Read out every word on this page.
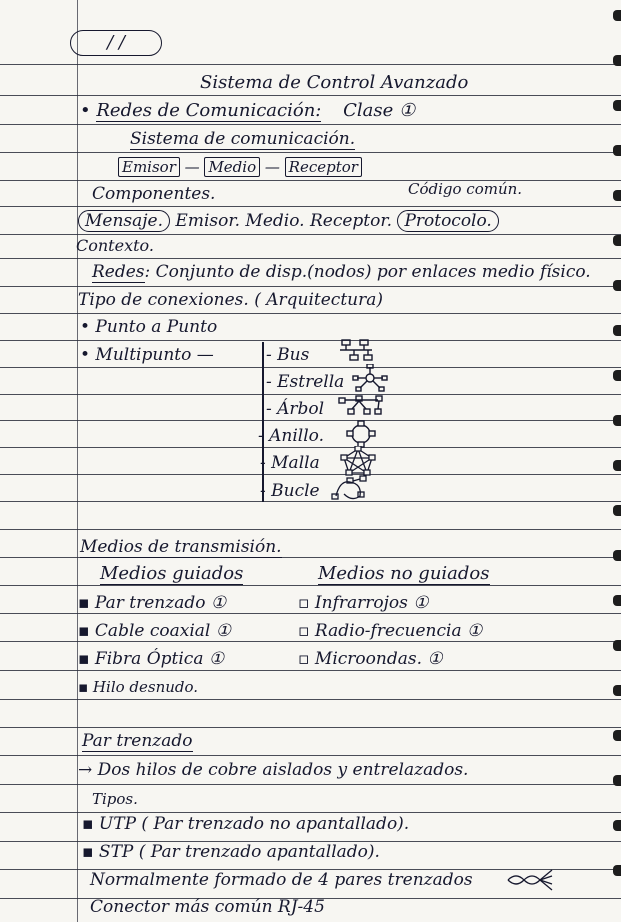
/ /
Sistema de Control Avanzado
• Redes de Comunicación: Clase ①
Sistema de comunicación.
Emisor — Medio — Receptor
Código común.
Componentes.
Mensaje. Emisor. Medio. Receptor. Protocolo.
Contexto.
Redes: Conjunto de disp.(nodos) por enlaces medio físico.
Tipo de conexiones. ( Arquitectura)
• Punto a Punto
• Multipunto —	- Bus
- Estrella
- Árbol
- Anillo.
- Malla
- Bucle
Medios de transmisión.
Medios guiados	Medios no guiados
▪ Par trenzado ①
▪ Cable coaxial ①
▪ Fibra Óptica ①
▪ Hilo desnudo.
▫ Infrarrojos ①
▫ Radio-frecuencia ①
▫ Microondas. ①
Par trenzado
→ Dos hilos de cobre aislados y entrelazados.
Tipos.
▪ UTP ( Par trenzado no apantallado).
▪ STP ( Par trenzado apantallado).
Normalmente formado de 4 pares trenzados
Conector más común RJ-45
